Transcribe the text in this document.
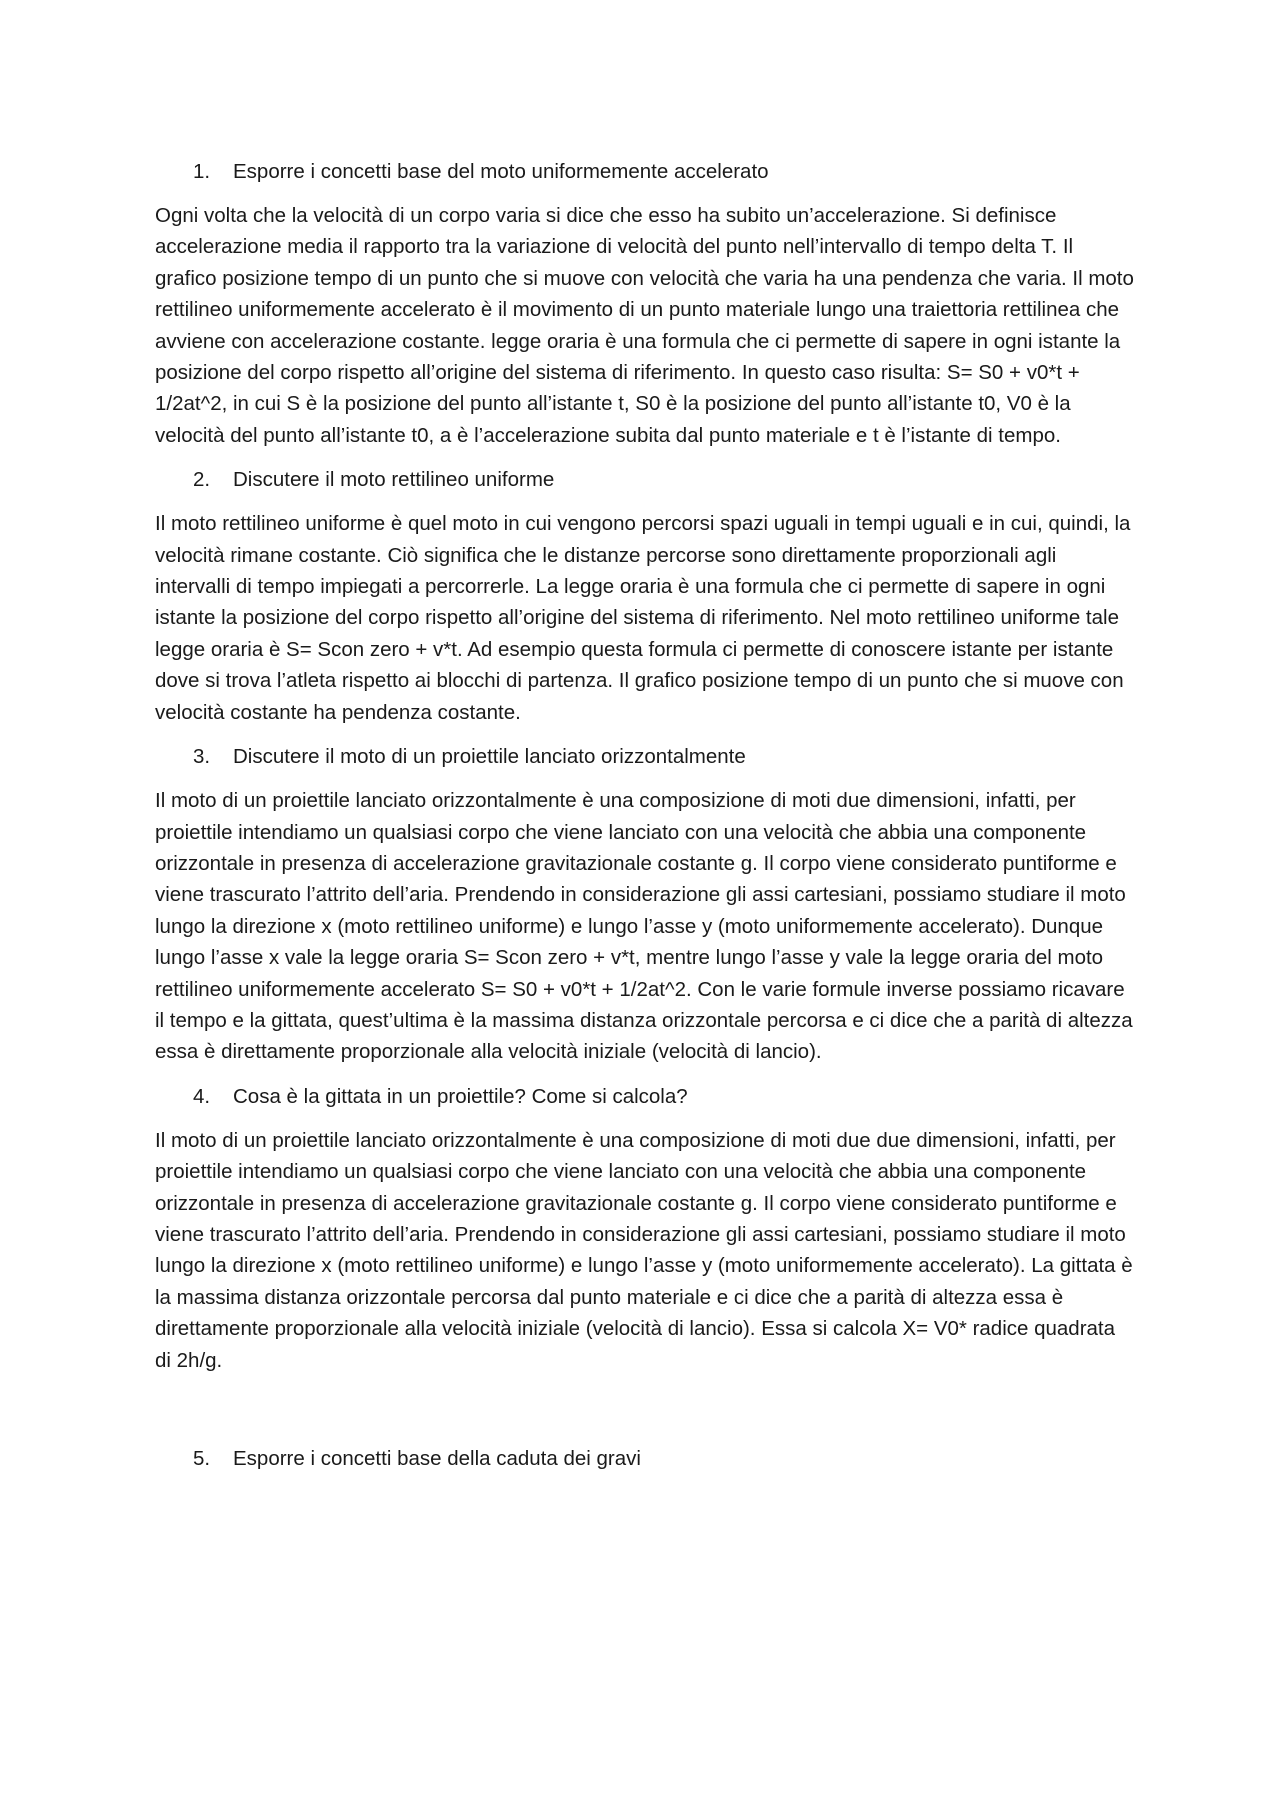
1.	Esporre i concetti base del moto uniformemente accelerato

Ogni volta che la velocità di un corpo varia si dice che esso ha subito un’accelerazione. Si definisce accelerazione media il rapporto tra la variazione di velocità del punto nell’intervallo di tempo delta T. Il grafico posizione tempo di un punto che si muove con velocità che varia ha una pendenza che varia. Il moto rettilineo uniformemente accelerato è il movimento di un punto materiale lungo una traiettoria rettilinea che avviene con accelerazione costante. legge oraria è una formula che ci permette di sapere in ogni istante la posizione del corpo rispetto all’origine del sistema di riferimento. In questo caso risulta: S= S0 + v0*t + 1/2at^2, in cui S è la posizione del punto all’istante t, S0 è la posizione del punto all’istante t0, V0 è la velocità del punto all’istante t0, a è l’accelerazione subita dal punto materiale e t è l’istante di tempo.

2.	Discutere il moto rettilineo uniforme

Il moto rettilineo uniforme è quel moto in cui vengono percorsi spazi uguali in tempi uguali e in cui, quindi, la velocità rimane costante. Ciò significa che le distanze percorse sono direttamente proporzionali agli intervalli di tempo impiegati a percorrerle. La legge oraria è una formula che ci permette di sapere in ogni istante la posizione del corpo rispetto all’origine del sistema di riferimento. Nel moto rettilineo uniforme tale legge oraria è S= Scon zero + v*t. Ad esempio questa formula ci permette di conoscere istante per istante dove si trova l’atleta rispetto ai blocchi di partenza. Il grafico posizione tempo di un punto che si muove con velocità costante ha pendenza costante.

3.	Discutere il moto di un proiettile lanciato orizzontalmente

Il moto di un proiettile lanciato orizzontalmente è una composizione di moti due dimensioni, infatti, per proiettile intendiamo un qualsiasi corpo che viene lanciato con una velocità che abbia una componente orizzontale in presenza di accelerazione gravitazionale costante g. Il corpo viene considerato puntiforme e viene trascurato l’attrito dell’aria. Prendendo in considerazione gli assi cartesiani, possiamo studiare il moto lungo la direzione x (moto rettilineo uniforme) e lungo l’asse y (moto uniformemente accelerato). Dunque lungo l’asse x vale la legge oraria S= Scon zero + v*t, mentre lungo l’asse y vale la legge oraria del moto rettilineo uniformemente accelerato S= S0 + v0*t + 1/2at^2. Con le varie formule inverse possiamo ricavare il tempo e la gittata, quest’ultima è la massima distanza orizzontale percorsa e ci dice che a parità di altezza essa è direttamente proporzionale alla velocità iniziale (velocità di lancio).

4.	Cosa è la gittata in un proiettile? Come si calcola?

Il moto di un proiettile lanciato orizzontalmente è una composizione di moti due due dimensioni, infatti, per proiettile intendiamo un qualsiasi corpo che viene lanciato con una velocità che abbia una componente orizzontale in presenza di accelerazione gravitazionale costante g. Il corpo viene considerato puntiforme e viene trascurato l’attrito dell’aria. Prendendo in considerazione gli assi cartesiani, possiamo studiare il moto lungo la direzione x (moto rettilineo uniforme) e lungo l’asse y (moto uniformemente accelerato). La gittata è la massima distanza orizzontale percorsa dal punto materiale e ci dice che a parità di altezza essa è direttamente proporzionale alla velocità iniziale (velocità di lancio). Essa si calcola X= V0* radice quadrata di 2h/g.

5.	Esporre i concetti base della caduta dei gravi
